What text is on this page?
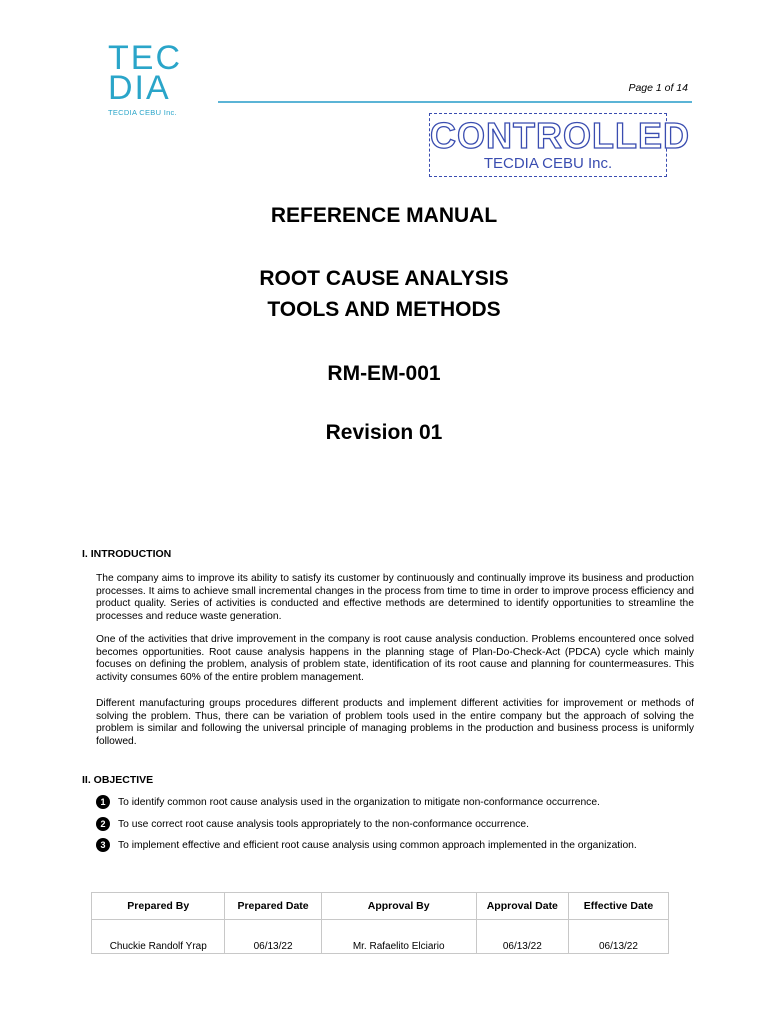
TEC
DIA
TECDIA CEBU Inc.
Page 1 of 14
CONTROLLED
TECDIA CEBU Inc.
REFERENCE MANUAL
ROOT CAUSE ANALYSIS
TOOLS AND METHODS
RM-EM-001
Revision 01
I. INTRODUCTION

The company aims to improve its ability to satisfy its customer by continuously and continually improve its business and production processes. It aims to achieve small incremental changes in the process from time to time in order to improve process efficiency and product quality. Series of activities is conducted and effective methods are determined to identify opportunities to streamline the processes and reduce waste generation.

One of the activities that drive improvement in the company is root cause analysis conduction. Problems encountered once solved becomes opportunities. Root cause analysis happens in the planning stage of Plan-Do-Check-Act (PDCA) cycle which mainly focuses on defining the problem, analysis of problem state, identification of its root cause and planning for countermeasures. This activity consumes 60% of the entire problem management.

Different manufacturing groups procedures different products and implement different activities for improvement or methods of solving the problem. Thus, there can be variation of problem tools used in the entire company but the approach of solving the problem is similar and following the universal principle of managing problems in the production and business process is uniformly followed.

II. OBJECTIVE
1	To identify common root cause analysis used in the organization to mitigate non-conformance occurrence.
2	To use correct root cause analysis tools appropriately to the non-conformance occurrence.
3	To implement effective and efficient root cause analysis using common approach implemented in the organization.
Prepared By	Prepared Date	Approval By	Approval Date	Effective Date
Chuckie Randolf Yrap	06/13/22	Mr. Rafaelito Elciario	06/13/22	06/13/22
